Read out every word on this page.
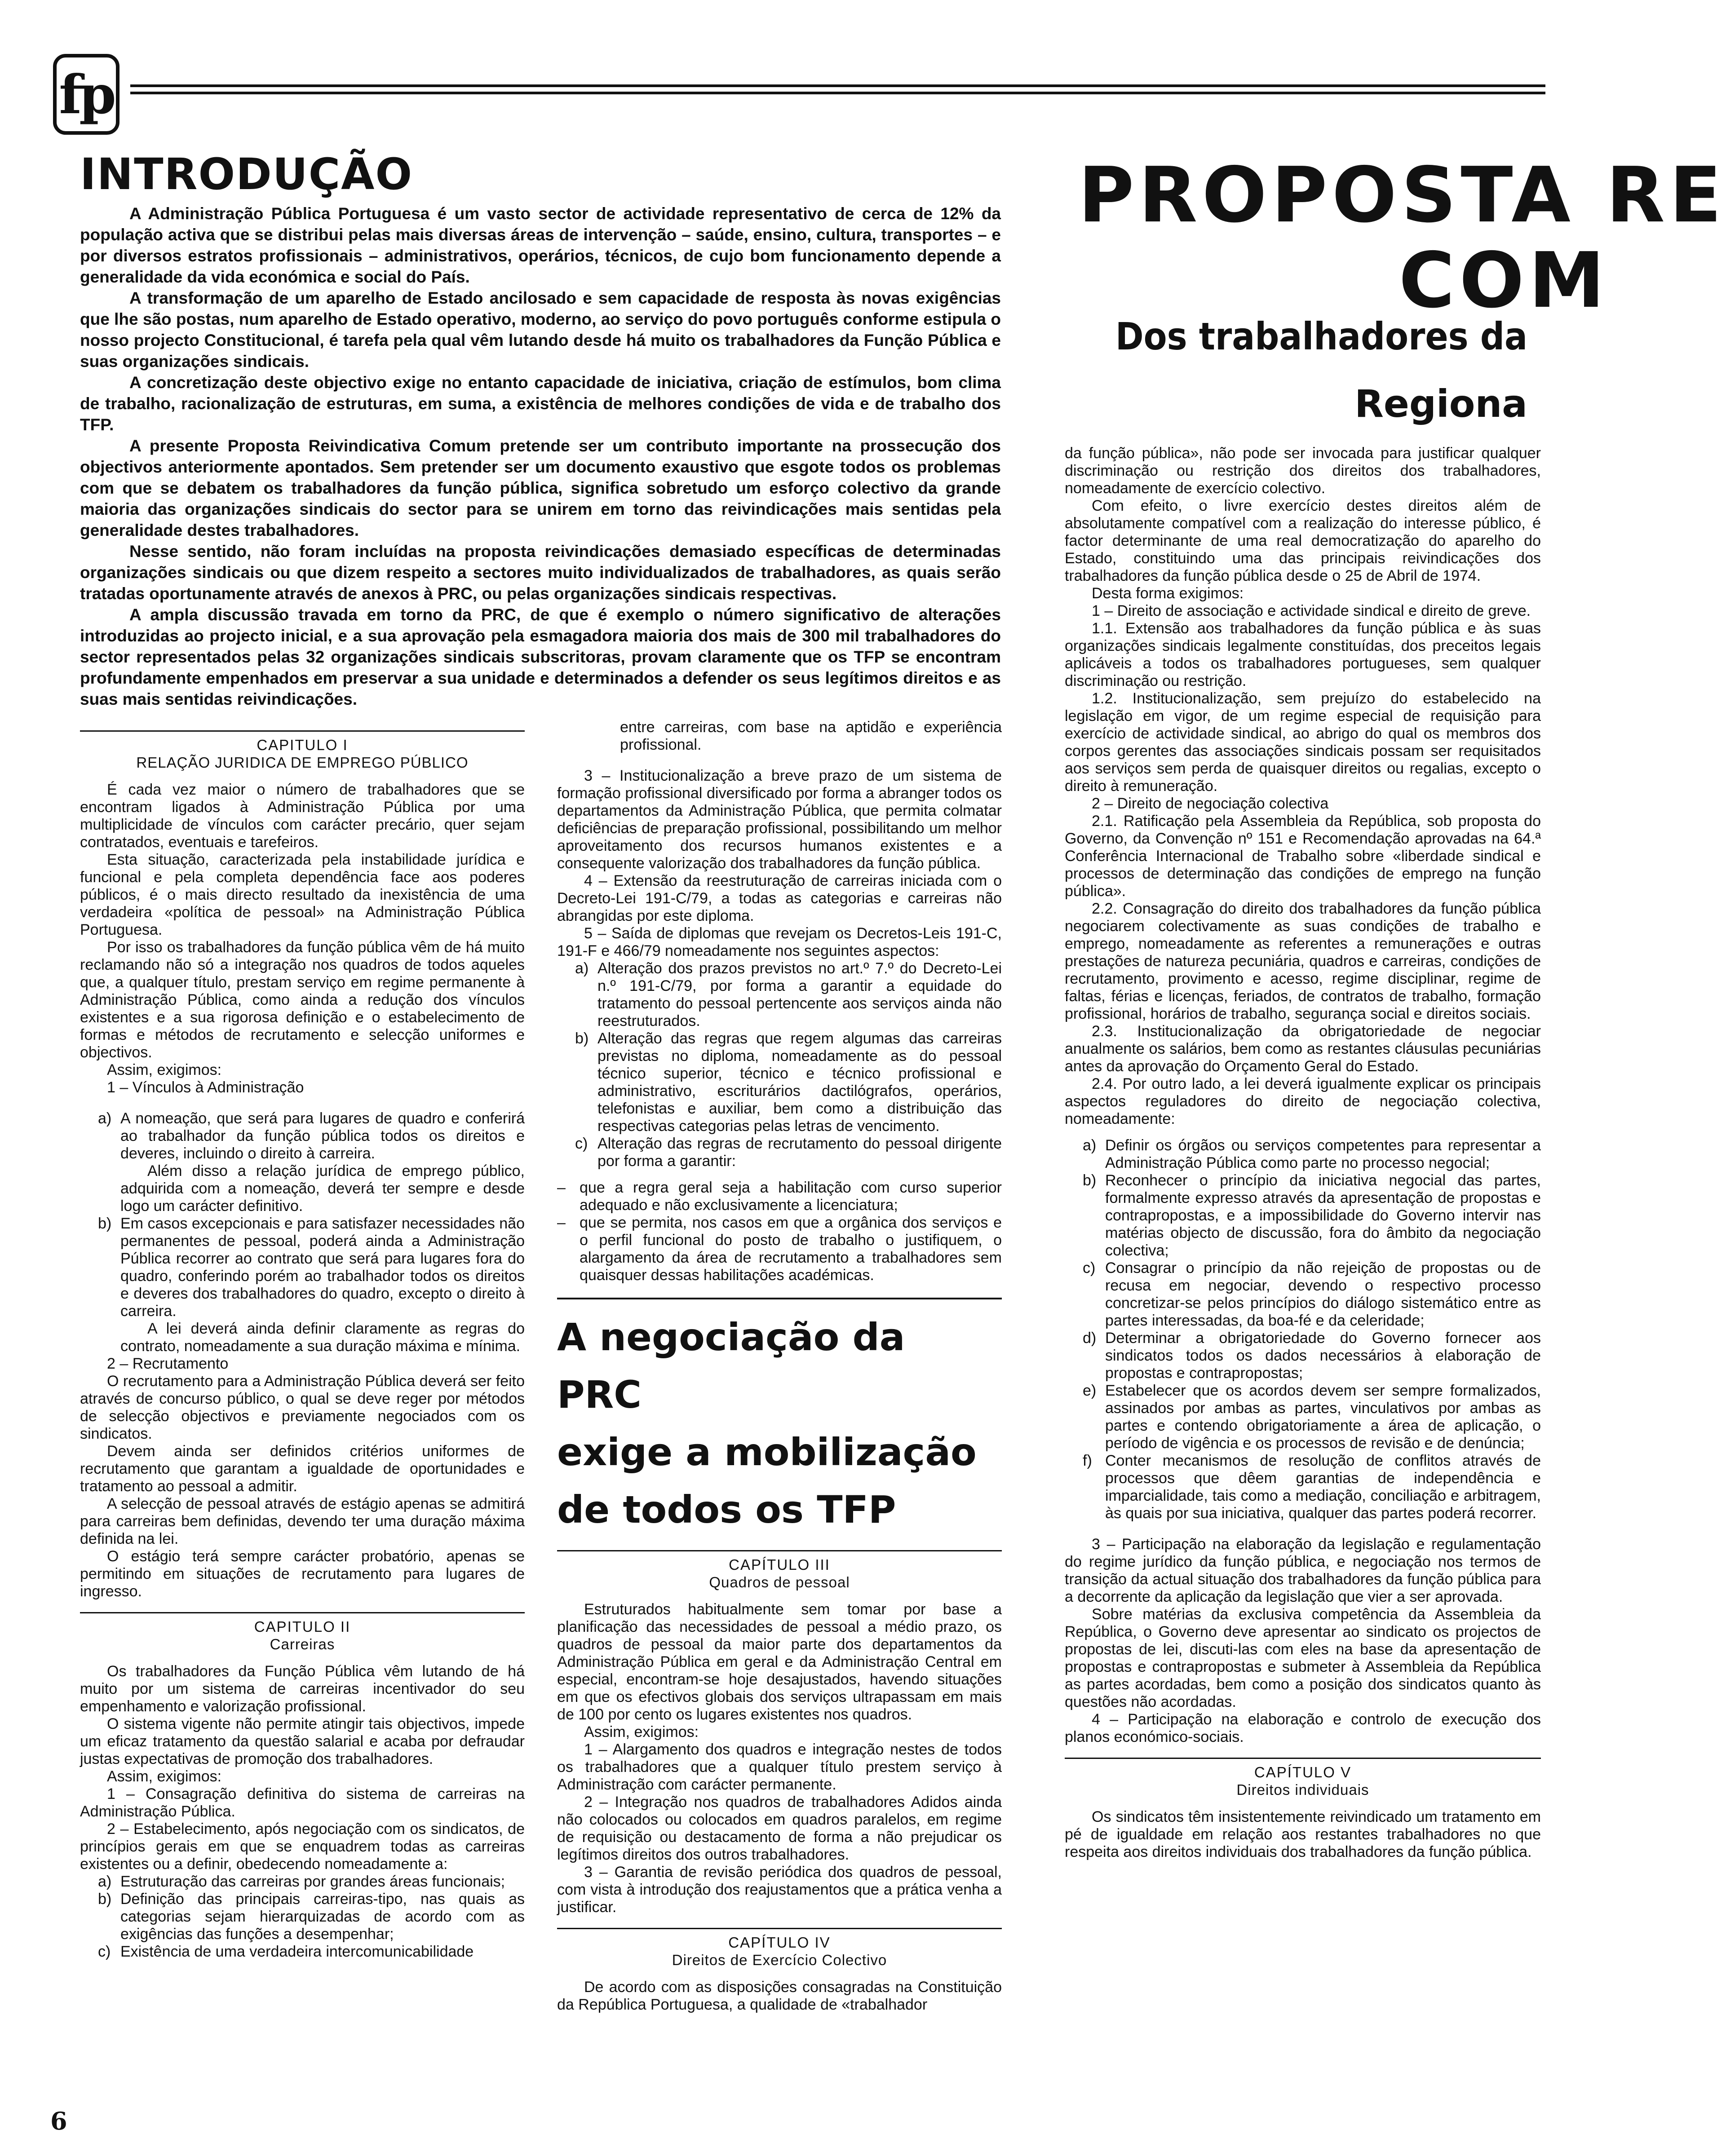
fp
INTRODUÇÃO

A Administração Pública Portuguesa é um vasto sector de actividade representativo de cerca de 12% da população activa que se distribui pelas mais diversas áreas de intervenção – saúde, ensino, cultura, transportes – e por diversos estratos profissionais – administrativos, operários, técnicos, de cujo bom funcionamento depende a generalidade da vida económica e social do País.

A transformação de um aparelho de Estado ancilosado e sem capacidade de resposta às novas exigências que lhe são postas, num aparelho de Estado operativo, moderno, ao serviço do povo português conforme estipula o nosso projecto Constitucional, é tarefa pela qual vêm lutando desde há muito os trabalhadores da Função Pública e suas organizações sindicais.

A concretização deste objectivo exige no entanto capacidade de iniciativa, criação de estímulos, bom clima de trabalho, racionalização de estruturas, em suma, a existência de melhores condições de vida e de trabalho dos TFP.

A presente Proposta Reivindicativa Comum pretende ser um contributo importante na prossecução dos objectivos anteriormente apontados. Sem pretender ser um documento exaustivo que esgote todos os problemas com que se debatem os trabalhadores da função pública, significa sobretudo um esforço colectivo da grande maioria das organizações sindicais do sector para se unirem em torno das reivindicações mais sentidas pela generalidade destes trabalhadores.

Nesse sentido, não foram incluídas na proposta reivindicações demasiado específicas de determinadas organizações sindicais ou que dizem respeito a sectores muito individualizados de trabalhadores, as quais serão tratadas oportunamente através de anexos à PRC, ou pelas organizações sindicais respectivas.

A ampla discussão travada em torno da PRC, de que é exemplo o número significativo de alterações introduzidas ao projecto inicial, e a sua aprovação pela esmagadora maioria dos mais de 300 mil trabalhadores do sector representados pelas 32 organizações sindicais subscritoras, provam claramente que os TFP se encontram profundamente empenhados em preservar a sua unidade e determinados a defender os seus legítimos direitos e as suas mais sentidas reivindicações.

PROPOSTA RE
COM
Dos trabalhadores da
Regiona
CAPITULO I
RELAÇÃO JURIDICA DE EMPREGO PÚBLICO

É cada vez maior o número de trabalhadores que se encontram ligados à Administração Pública por uma multiplicidade de vínculos com carácter precário, quer sejam contratados, eventuais e tarefeiros.

Esta situação, caracterizada pela instabilidade jurídica e funcional e pela completa dependência face aos poderes públicos, é o mais directo resultado da inexistência de uma verdadeira «política de pessoal» na Administração Pública Portuguesa.

Por isso os trabalhadores da função pública vêm de há muito reclamando não só a integração nos quadros de todos aqueles que, a qualquer título, prestam serviço em regime permanente à Administração Pública, como ainda a redução dos vínculos existentes e a sua rigorosa definição e o estabelecimento de formas e métodos de recrutamento e selecção uniformes e objectivos.

Assim, exigimos:

1 – Vínculos à Administração

a) A nomeação, que será para lugares de quadro e conferirá ao trabalhador da função pública todos os direitos e deveres, incluindo o direito à carreira.

Além disso a relação jurídica de emprego público, adquirida com a nomeação, deverá ter sempre e desde logo um carácter definitivo.

b) Em casos excepcionais e para satisfazer necessidades não permanentes de pessoal, poderá ainda a Administração Pública recorrer ao contrato que será para lugares fora do quadro, conferindo porém ao trabalhador todos os direitos e deveres dos trabalhadores do quadro, excepto o direito à carreira.

A lei deverá ainda definir claramente as regras do contrato, nomeadamente a sua duração máxima e mínima.

2 – Recrutamento

O recrutamento para a Administração Pública deverá ser feito através de concurso público, o qual se deve reger por métodos de selecção objectivos e previamente negociados com os sindicatos.

Devem ainda ser definidos critérios uniformes de recrutamento que garantam a igualdade de oportunidades e tratamento ao pessoal a admitir.

A selecção de pessoal através de estágio apenas se admitirá para carreiras bem definidas, devendo ter uma duração máxima definida na lei.

O estágio terá sempre carácter probatório, apenas se permitindo em situações de recrutamento para lugares de ingresso.

CAPITULO II
Carreiras

Os trabalhadores da Função Pública vêm lutando de há muito por um sistema de carreiras incentivador do seu empenhamento e valorização profissional.

O sistema vigente não permite atingir tais objectivos, impede um eficaz tratamento da questão salarial e acaba por defraudar justas expectativas de promoção dos trabalhadores.

Assim, exigimos:

1 – Consagração definitiva do sistema de carreiras na Administração Pública.

2 – Estabelecimento, após negociação com os sindicatos, de princípios gerais em que se enquadrem todas as carreiras existentes ou a definir, obedecendo nomeadamente a:

a) Estruturação das carreiras por grandes áreas funcionais;

b) Definição das principais carreiras-tipo, nas quais as categorias sejam hierarquizadas de acordo com as exigências das funções a desempenhar;

c) Existência de uma verdadeira intercomunicabilidade

entre carreiras, com base na aptidão e experiência profissional.

3 – Institucionalização a breve prazo de um sistema de formação profissional diversificado por forma a abranger todos os departamentos da Administração Pública, que permita colmatar deficiências de preparação profissional, possibilitando um melhor aproveitamento dos recursos humanos existentes e a consequente valorização dos trabalhadores da função pública.

4 – Extensão da reestruturação de carreiras iniciada com o Decreto-Lei 191-C/79, a todas as categorias e carreiras não abrangidas por este diploma.

5 – Saída de diplomas que revejam os Decretos-Leis 191-C, 191-F e 466/79 nomeadamente nos seguintes aspectos:

a) Alteração dos prazos previstos no art.º 7.º do Decreto-Lei n.º 191-C/79, por forma a garantir a equidade do tratamento do pessoal pertencente aos serviços ainda não reestruturados.

b) Alteração das regras que regem algumas das carreiras previstas no diploma, nomeadamente as do pessoal técnico superior, técnico e técnico profissional e administrativo, escriturários dactilógrafos, operários, telefonistas e auxiliar, bem como a distribuição das respectivas categorias pelas letras de vencimento.

c) Alteração das regras de recrutamento do pessoal dirigente por forma a garantir:

– que a regra geral seja a habilitação com curso superior adequado e não exclusivamente a licenciatura;

– que se permita, nos casos em que a orgânica dos serviços e o perfil funcional do posto de trabalho o justifiquem, o alargamento da área de recrutamento a trabalhadores sem quaisquer dessas habilitações académicas.

A negociação da PRC
exige a mobilização
de todos os TFP
CAPÍTULO III
Quadros de pessoal

Estruturados habitualmente sem tomar por base a planificação das necessidades de pessoal a médio prazo, os quadros de pessoal da maior parte dos departamentos da Administração Pública em geral e da Administração Central em especial, encontram-se hoje desajustados, havendo situações em que os efectivos globais dos serviços ultrapassam em mais de 100 por cento os lugares existentes nos quadros.

Assim, exigimos:

1 – Alargamento dos quadros e integração nestes de todos os trabalhadores que a qualquer título prestem serviço à Administração com carácter permanente.

2 – Integração nos quadros de trabalhadores Adidos ainda não colocados ou colocados em quadros paralelos, em regime de requisição ou destacamento de forma a não prejudicar os legítimos direitos dos outros trabalhadores.

3 – Garantia de revisão periódica dos quadros de pessoal, com vista à introdução dos reajustamentos que a prática venha a justificar.

CAPÍTULO IV
Direitos de Exercício Colectivo

De acordo com as disposições consagradas na Constituição da República Portuguesa, a qualidade de «trabalhador

da função pública», não pode ser invocada para justificar qualquer discriminação ou restrição dos direitos dos trabalhadores, nomeadamente de exercício colectivo.

Com efeito, o livre exercício destes direitos além de absolutamente compatível com a realização do interesse público, é factor determinante de uma real democratização do aparelho do Estado, constituindo uma das principais reivindicações dos trabalhadores da função pública desde o 25 de Abril de 1974.

Desta forma exigimos:

1 – Direito de associação e actividade sindical e direito de greve.

1.1. Extensão aos trabalhadores da função pública e às suas organizações sindicais legalmente constituídas, dos preceitos legais aplicáveis a todos os trabalhadores portugueses, sem qualquer discriminação ou restrição.

1.2. Institucionalização, sem prejuízo do estabelecido na legislação em vigor, de um regime especial de requisição para exercício de actividade sindical, ao abrigo do qual os membros dos corpos gerentes das associações sindicais possam ser requisitados aos serviços sem perda de quaisquer direitos ou regalias, excepto o direito à remuneração.

2 – Direito de negociação colectiva

2.1. Ratificação pela Assembleia da República, sob proposta do Governo, da Convenção nº 151 e Recomendação aprovadas na 64.ª Conferência Internacional de Trabalho sobre «liberdade sindical e processos de determinação das condições de emprego na função pública».

2.2. Consagração do direito dos trabalhadores da função pública negociarem colectivamente as suas condições de trabalho e emprego, nomeadamente as referentes a remunerações e outras prestações de natureza pecuniária, quadros e carreiras, condições de recrutamento, provimento e acesso, regime disciplinar, regime de faltas, férias e licenças, feriados, de contratos de trabalho, formação profissional, horários de trabalho, segurança social e direitos sociais.

2.3. Institucionalização da obrigatoriedade de negociar anualmente os salários, bem como as restantes cláusulas pecuniárias antes da aprovação do Orçamento Geral do Estado.

2.4. Por outro lado, a lei deverá igualmente explicar os principais aspectos reguladores do direito de negociação colectiva, nomeadamente:

a) Definir os órgãos ou serviços competentes para representar a Administração Pública como parte no processo negocial;

b) Reconhecer o princípio da iniciativa negocial das partes, formalmente expresso através da apresentação de propostas e contrapropostas, e a impossibilidade do Governo intervir nas matérias objecto de discussão, fora do âmbito da negociação colectiva;

c) Consagrar o princípio da não rejeição de propostas ou de recusa em negociar, devendo o respectivo processo concretizar-se pelos princípios do diálogo sistemático entre as partes interessadas, da boa-fé e da celeridade;

d) Determinar a obrigatoriedade do Governo fornecer aos sindicatos todos os dados necessários à elaboração de propostas e contrapropostas;

e) Estabelecer que os acordos devem ser sempre formalizados, assinados por ambas as partes, vinculativos por ambas as partes e contendo obrigatoriamente a área de aplicação, o período de vigência e os processos de revisão e de denúncia;

f) Conter mecanismos de resolução de conflitos através de processos que dêem garantias de independência e imparcialidade, tais como a mediação, conciliação e arbitragem, às quais por sua iniciativa, qualquer das partes poderá recorrer.

3 – Participação na elaboração da legislação e regulamentação do regime jurídico da função pública, e negociação nos termos de transição da actual situação dos trabalhadores da função pública para a decorrente da aplicação da legislação que vier a ser aprovada.

Sobre matérias da exclusiva competência da Assembleia da República, o Governo deve apresentar ao sindicato os projectos de propostas de lei, discuti-las com eles na base da apresentação de propostas e contrapropostas e submeter à Assembleia da República as partes acordadas, bem como a posição dos sindicatos quanto às questões não acordadas.

4 – Participação na elaboração e controlo de execução dos planos económico-sociais.

CAPÍTULO V
Direitos individuais

Os sindicatos têm insistentemente reivindicado um tratamento em pé de igualdade em relação aos restantes trabalhadores no que respeita aos direitos individuais dos trabalhadores da função pública.

6
